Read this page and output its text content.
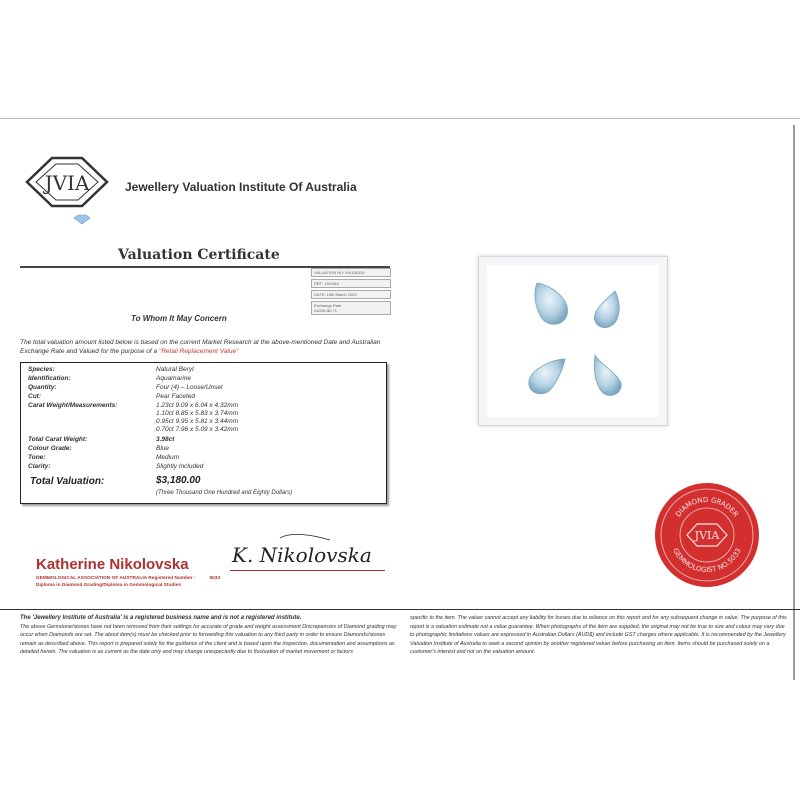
JVIA	Jewellery Valuation Institute Of Australia
Valuation Certificate
VALUATION NO: KN108419
REF: 19/1084
DATE: 15th March 2023
Exchange Rate
AUD$=$0.71
To Whom It May Concern
The total valuation amount listed below is based on the current Market Research at the above-mentioned Date and Australian Exchange Rate and Valued for the purpose of a "Retail Replacement Value"
Species:	Natural Beryl
Identification:	Aquamarine
Quantity:	Four (4) – Loose/Unset
Cut:	Pear Faceted
Carat Weight/Measurements:	1.23ct 9.09 x 6.04 x 4.32mm
1.10ct 8.85 x 5.83 x 3.74mm
0.95ct 9.95 x 5.81 x 3.44mm
0.70ct 7.96 x 5.09 x 3.42mm
Total Carat Weight:	3.98ct
Colour Grade:	Blue
Tone:	Medium
Clarity:	Slightly Included
Total Valuation:	$3,180.00
(Three Thousand One Hundred and Eighty Dollars)
Katherine Nikolovska K. Nikolovska
GEMMOLOGICAL ASSOCIATION OF AUSTRALIA Registered Number -	5033
Diploma in Diamond Grading/Diploma in Gemmological Studies
DIAMOND GRADER
GEMMOLOGIST NO.5033
JVIA
The 'Jewellery Institute of Australia' is a registered business name and is not a registered institute.
The above Gemstone/stones have not been removed from their settings for accurate of grade and weight assessment Discrepancies of Diamond grading may occur when Diamonds are set. The about item(s) must be checked prior to forwarding this valuation to any third party in order to ensure Diamonds/stones remain as described above. This report is prepared solely for the guidance of the client and is based upon the inspection, documentation and assumptions as detailed herein. The valuation is as current as the date only and may change unexpectedly due to fluctuation of market movement or factors
specific to the item. The valuer cannot accept any liability for losses due to reliance on this report and for any subsequent change in value. The purpose of this report is a valuation estimate not a value guarantee. When photographs of the item are supplied, the original may not be true to size and colour may vary due to photographic limitations values are expressed in Australian Dollars (AUD$) and include GST charges where applicable. It is recommended by the Jewellery Valuation Institute of Australia to seek a second opinion by another registered valuer before purchasing an item. Items should be purchased solely on a customer's interest and not on the valuation amount.
